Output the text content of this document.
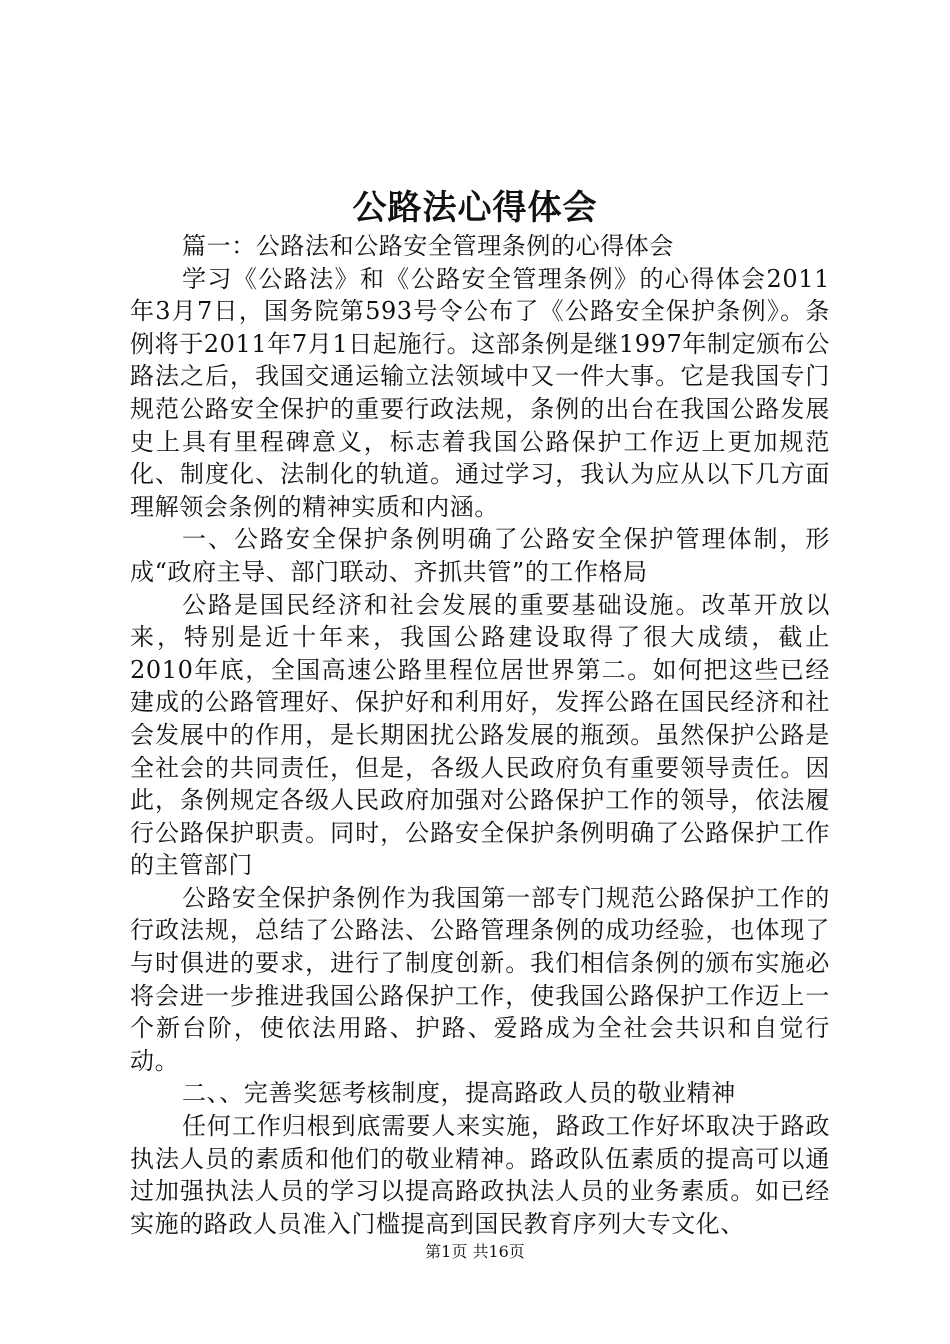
公路法心得体会

篇一：公路法和公路安全管理条例的心得体会

学习《公路法》和《公路安全管理条例》的心得体会2011年3月7日，国务院第593号令公布了《公路安全保护条例》。条例将于2011年7月1日起施行。这部条例是继1997年制定颁布公路法之后，我国交通运输立法领域中又一件大事。它是我国专门规范公路安全保护的重要行政法规，条例的出台在我国公路发展史上具有里程碑意义，标志着我国公路保护工作迈上更加规范化、制度化、法制化的轨道。通过学习，我认为应从以下几方面理解领会条例的精神实质和内涵。

一、公路安全保护条例明确了公路安全保护管理体制，形成“政府主导、部门联动、齐抓共管”的工作格局

公路是国民经济和社会发展的重要基础设施。改革开放以来，特别是近十年来，我国公路建设取得了很大成绩，截止2010年底，全国高速公路里程位居世界第二。如何把这些已经建成的公路管理好、保护好和利用好，发挥公路在国民经济和社会发展中的作用，是长期困扰公路发展的瓶颈。虽然保护公路是全社会的共同责任，但是，各级人民政府负有重要领导责任。因此，条例规定各级人民政府加强对公路保护工作的领导，依法履行公路保护职责。同时，公路安全保护条例明确了公路保护工作的主管部门

公路安全保护条例作为我国第一部专门规范公路保护工作的行政法规，总结了公路法、公路管理条例的成功经验，也体现了与时俱进的要求，进行了制度创新。我们相信条例的颁布实施必将会进一步推进我国公路保护工作，使我国公路保护工作迈上一个新台阶，使依法用路、护路、爱路成为全社会共识和自觉行动。

二、、完善奖惩考核制度，提高路政人员的敬业精神

任何工作归根到底需要人来实施，路政工作好坏取决于路政执法人员的素质和他们的敬业精神。路政队伍素质的提高可以通过加强执法人员的学习以提高路政执法人员的业务素质。如已经实施的路政人员准入门槛提高到国民教育序列大专文化、

第1页 共16页
